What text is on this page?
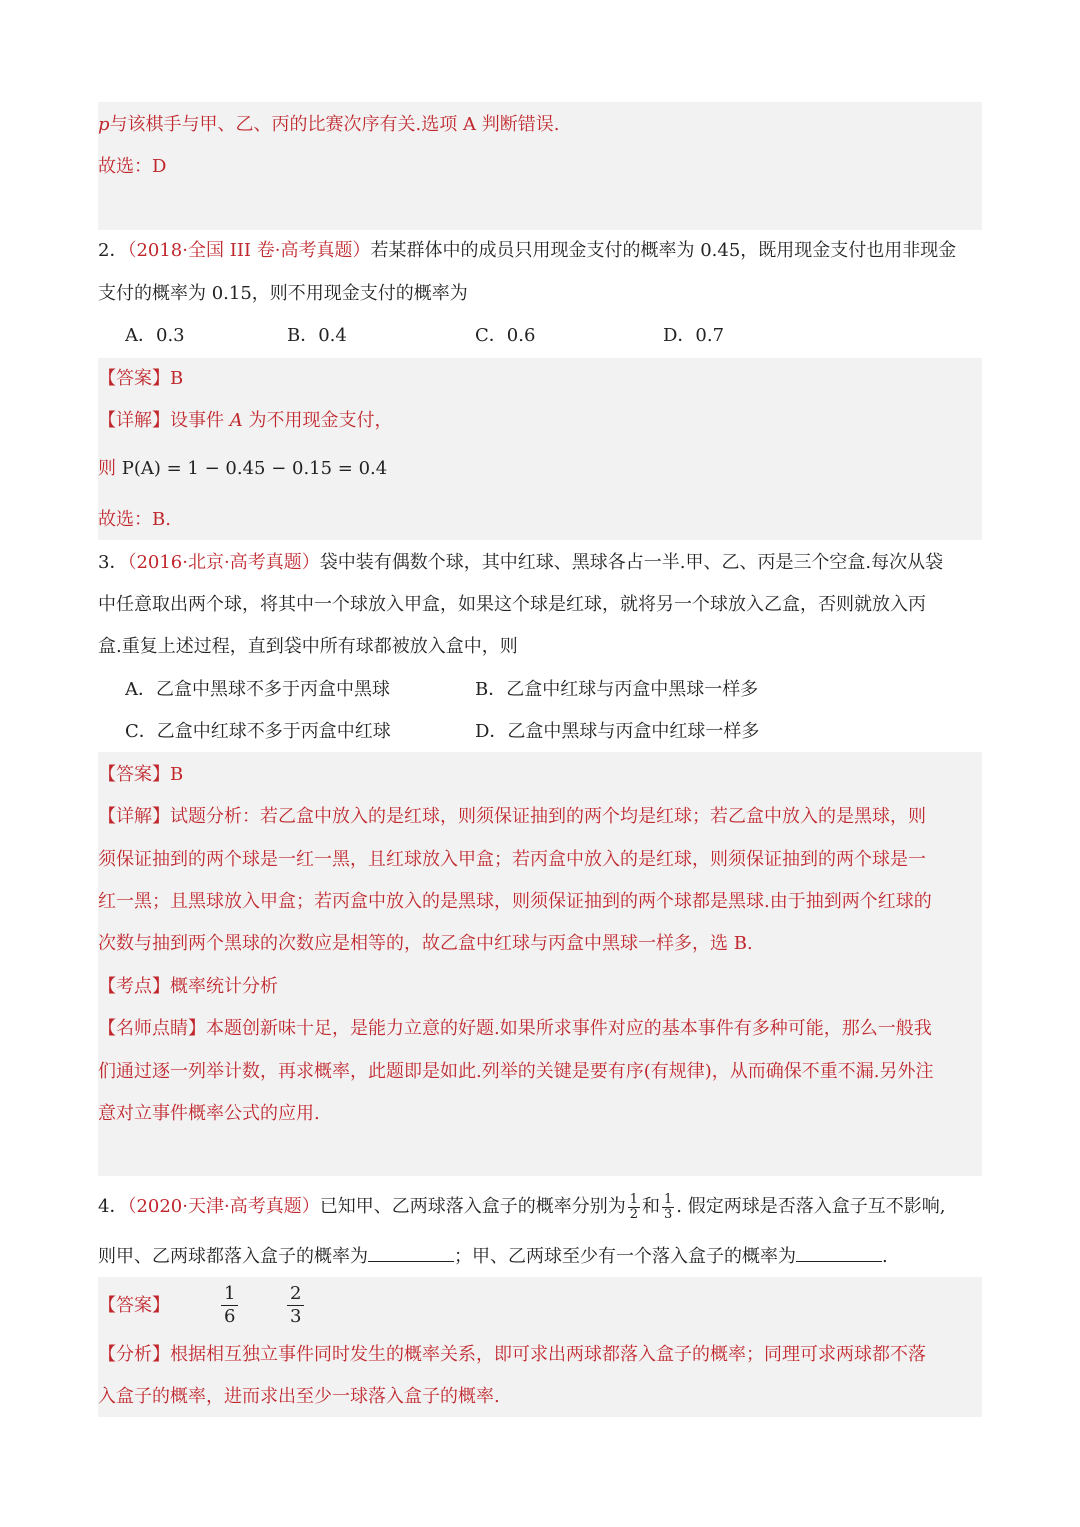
p与该棋手与甲、乙、丙的比赛次序有关.选项 A 判断错误.
故选：D
2．（2018·全国 III 卷·高考真题）若某群体中的成员只用现金支付的概率为 0.45，既用现金支付也用非现金
支付的概率为 0.15，则不用现金支付的概率为
A．0.3	B．0.4	C．0.6	D．0.7
【答案】B
【详解】设事件 A 为不用现金支付，
则 P(A) = 1 − 0.45 − 0.15 = 0.4
故选：B.
3．（2016·北京·高考真题）袋中装有偶数个球，其中红球、黑球各占一半.甲、乙、丙是三个空盒.每次从袋
中任意取出两个球，将其中一个球放入甲盒，如果这个球是红球，就将另一个球放入乙盒，否则就放入丙
盒.重复上述过程，直到袋中所有球都被放入盒中，则
A．乙盒中黑球不多于丙盒中黑球	B．乙盒中红球与丙盒中黑球一样多
C．乙盒中红球不多于丙盒中红球	D．乙盒中黑球与丙盒中红球一样多
【答案】B
【详解】试题分析：若乙盒中放入的是红球，则须保证抽到的两个均是红球；若乙盒中放入的是黑球，则
须保证抽到的两个球是一红一黑，且红球放入甲盒；若丙盒中放入的是红球，则须保证抽到的两个球是一
红一黑；且黑球放入甲盒；若丙盒中放入的是黑球，则须保证抽到的两个球都是黑球.由于抽到两个红球的
次数与抽到两个黑球的次数应是相等的，故乙盒中红球与丙盒中黑球一样多，选 B.
【考点】概率统计分析
【名师点睛】本题创新味十足，是能力立意的好题.如果所求事件对应的基本事件有多种可能，那么一般我
们通过逐一列举计数，再求概率，此题即是如此.列举的关键是要有序(有规律)，从而确保不重不漏.另外注
意对立事件概率公式的应用.
4．（2020·天津·高考真题）已知甲、乙两球落入盒子的概率分别为 $\frac{1}{2}$ 和 $\frac{1}{3}$ . 假定两球是否落入盒子互不影响,
则甲、乙两球都落入盒子的概率为	；甲、乙两球至少有一个落入盒子的概率为	.
【答案】	$\frac{1}{6}$	$\frac{2}{3}$
【分析】根据相互独立事件同时发生的概率关系，即可求出两球都落入盒子的概率；同理可求两球都不落
入盒子的概率，进而求出至少一球落入盒子的概率.
